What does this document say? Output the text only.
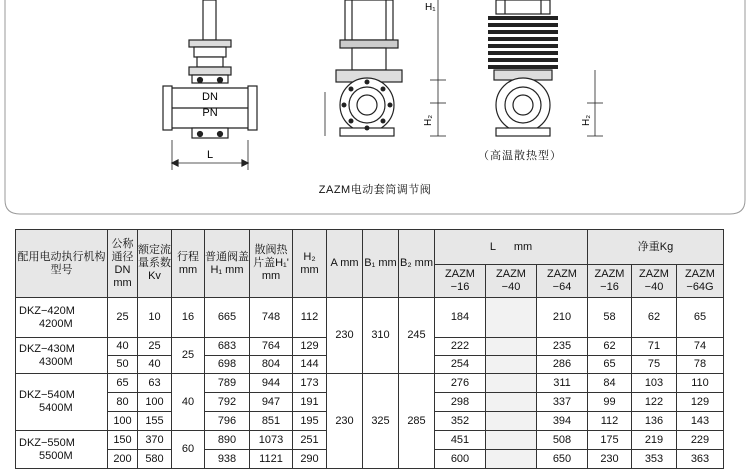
DN
PN
L
H₁
H₂	H₂
（高温散热型）
ZAZM电动套筒调节阀
配用电动执行机构型号	公称通径DN mm	额定流量系数Kv	行程mm	普通阀盖H₁ mm	散阀热片盖H₁' mm	H₂ mm	A mm	B₁ mm	B₂ mm	L      mm			净重Kg		
										ZAZM −16	ZAZM −40	ZAZM −64	ZAZM −16	ZAZM −40	ZAZM −64G
DKZ−420M
4200M	25	10	16	665	748	112	230	310	245	184		210	58	62	65
DKZ−430M
4300M	40	25	25	683	764	129				222		235	62	71	74
	50	40		698	804	144				254		286	65	75	78
DKZ−540M
5400M	65	63	40	789	944	173	230	325	285	276		311	84	103	110
	80	100		792	947	191				298		337	99	122	129
	100	155		796	851	195				352		394	112	136	143
DKZ−550M
5500M	150	370	60	890	1073	251				451		508	175	219	229
	200	580		938	1121	290				600		650	230	353	363
